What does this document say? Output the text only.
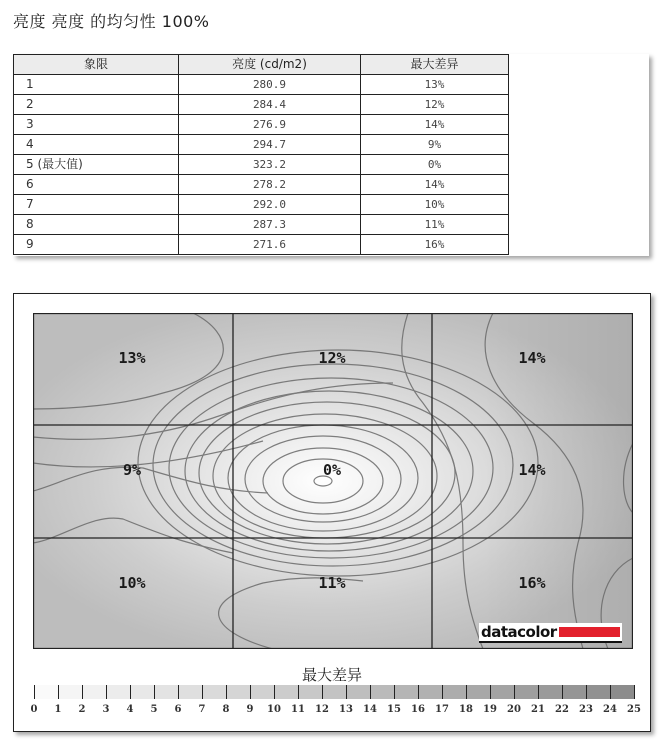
亮度 亮度 的均匀性 100%
象限	亮度 (cd/m2)	最大差异
1	280.9	13%
2	284.4	12%
3	276.9	14%
4	294.7	9%
5 (最大值)	323.2	0%
6	278.2	14%
7	292.0	10%
8	287.3	11%
9	271.6	16%
13%	12%	14%
9%	0%	14%
10%	11%	16%
datacolor
最大差异
0 1 2 3 4 5 6 7 8 9 10 11 12 13 14 15 16 17 18 19 20 21 22 23 24 25
